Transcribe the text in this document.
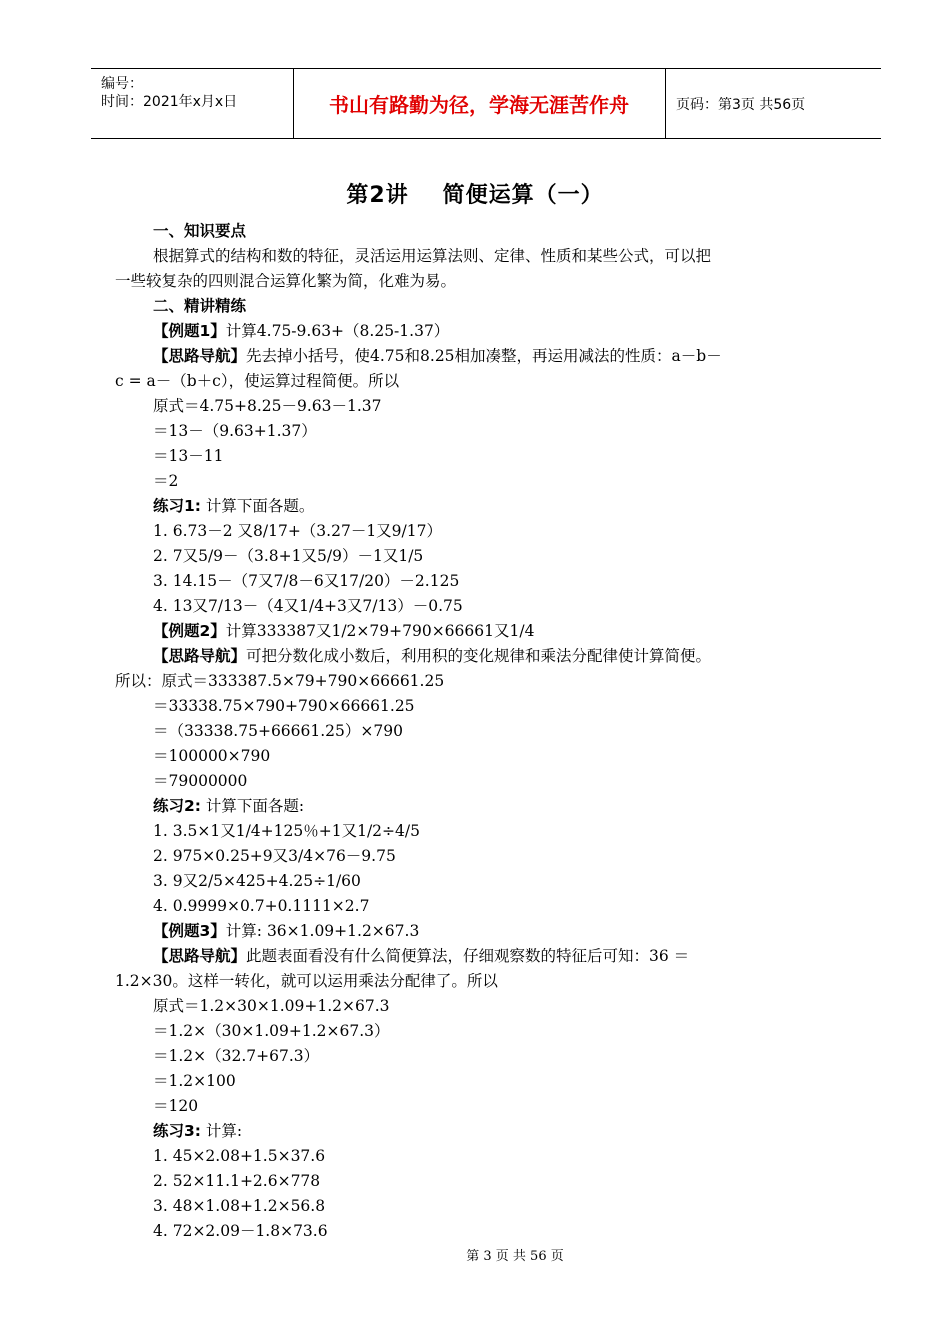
编号：
时间：2021年x月x日	书山有路勤为径，学海无涯苦作舟	页码：第3页 共56页
第2讲 简便运算（一）
一、知识要点
根据算式的结构和数的特征，灵活运用运算法则、定律、性质和某些公式，可以把
一些较复杂的四则混合运算化繁为简，化难为易。
二、精讲精练
【例题1】计算4.75-9.63+（8.25-1.37）
【思路导航】先去掉小括号，使4.75和8.25相加凑整，再运用减法的性质：a－b－
c = a－（b＋c），使运算过程简便。所以
原式＝4.75+8.25－9.63－1.37
＝13－（9.63+1.37）
＝13－11
＝2
练习1: 计算下面各题。
1. 6.73－2 又8/17+（3.27－1又9/17）
2. 7又5/9－（3.8+1又5/9）－1又1/5
3. 14.15－（7又7/8－6又17/20）－2.125
4. 13又7/13－（4又1/4+3又7/13）－0.75
【例题2】计算333387又1/2×79+790×66661又1/4
【思路导航】可把分数化成小数后，利用积的变化规律和乘法分配律使计算简便。
所以：原式＝333387.5×79+790×66661.25
＝33338.75×790+790×66661.25
＝（33338.75+66661.25）×790
＝100000×790
＝79000000
练习2: 计算下面各题:
1. 3.5×1又1/4+125％+1又1/2÷4/5
2. 975×0.25+9又3/4×76－9.75
3. 9又2/5×425+4.25÷1/60
4. 0.9999×0.7+0.1111×2.7
【例题3】计算: 36×1.09+1.2×67.3
【思路导航】此题表面看没有什么简便算法，仔细观察数的特征后可知：36 ＝
1.2×30。这样一转化，就可以运用乘法分配律了。所以
原式＝1.2×30×1.09+1.2×67.3
＝1.2×（30×1.09+1.2×67.3）
＝1.2×（32.7+67.3）
＝1.2×100
＝120
练习3: 计算:
1. 45×2.08+1.5×37.6
2. 52×11.1+2.6×778
3. 48×1.08+1.2×56.8
4. 72×2.09－1.8×73.6
第 3 页 共 56 页
